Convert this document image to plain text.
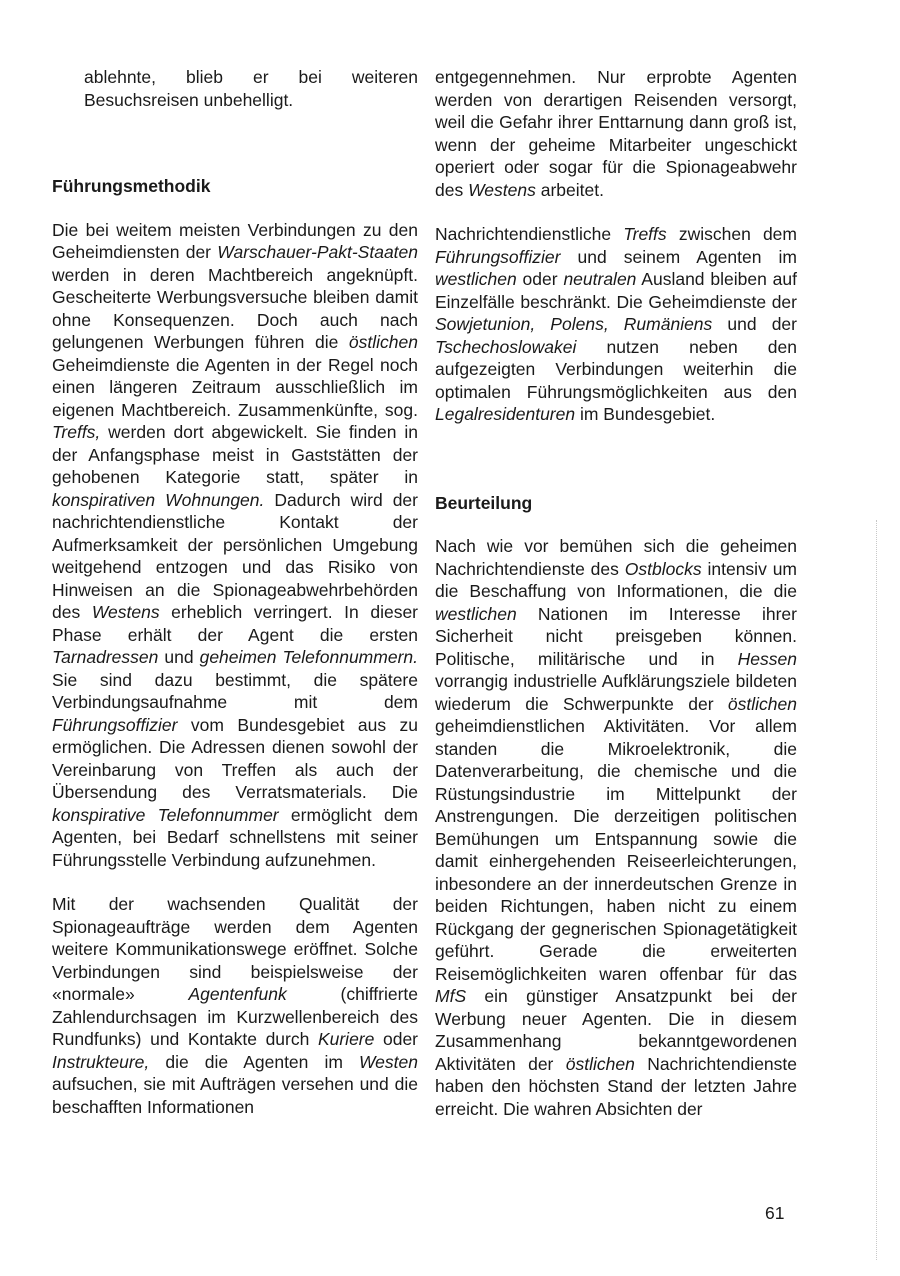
ablehnte, blieb er bei weiteren Besuchsreisen unbehelligt.

Führungsmethodik

Die bei weitem meisten Verbindungen zu den Geheimdiensten der Warschauer-Pakt-Staaten werden in deren Machtbereich angeknüpft. Gescheiterte Werbungsversuche bleiben damit ohne Konsequenzen. Doch auch nach gelungenen Werbungen führen die östlichen Geheimdienste die Agenten in der Regel noch einen längeren Zeitraum ausschließlich im eigenen Machtbereich. Zusammenkünfte, sog. Treffs, werden dort abgewickelt. Sie finden in der Anfangsphase meist in Gaststätten der gehobenen Kategorie statt, später in konspirativen Wohnungen. Dadurch wird der nachrichtendienstliche Kontakt der Aufmerksamkeit der persönlichen Umgebung weitgehend entzogen und das Risiko von Hinweisen an die Spionageabwehrbehörden des Westens erheblich verringert. In dieser Phase erhält der Agent die ersten Tarnadressen und geheimen Telefonnummern. Sie sind dazu bestimmt, die spätere Verbindungsaufnahme mit dem Führungsoffizier vom Bundesgebiet aus zu ermöglichen. Die Adressen dienen sowohl der Vereinbarung von Treffen als auch der Übersendung des Verratsmaterials. Die konspirative Telefonnummer ermöglicht dem Agenten, bei Bedarf schnellstens mit seiner Führungsstelle Verbindung aufzunehmen.

Mit der wachsenden Qualität der Spionageaufträge werden dem Agenten weitere Kommunikationswege eröffnet. Solche Verbindungen sind beispielsweise der «normale» Agentenfunk (chiffrierte Zahlendurchsagen im Kurzwellenbereich des Rundfunks) und Kontakte durch Kuriere oder Instrukteure, die die Agenten im Westen aufsuchen, sie mit Aufträgen versehen und die beschafften Informationen

entgegennehmen. Nur erprobte Agenten werden von derartigen Reisenden versorgt, weil die Gefahr ihrer Enttarnung dann groß ist, wenn der geheime Mitarbeiter ungeschickt operiert oder sogar für die Spionageabwehr des Westens arbeitet.

Nachrichtendienstliche Treffs zwischen dem Führungsoffizier und seinem Agenten im westlichen oder neutralen Ausland bleiben auf Einzelfälle beschränkt. Die Geheimdienste der Sowjetunion, Polens, Rumäniens und der Tschechoslowakei nutzen neben den aufgezeigten Verbindungen weiterhin die optimalen Führungsmöglichkeiten aus den Legalresidenturen im Bundesgebiet.

Beurteilung

Nach wie vor bemühen sich die geheimen Nachrichtendienste des Ostblocks intensiv um die Beschaffung von Informationen, die die westlichen Nationen im Interesse ihrer Sicherheit nicht preisgeben können. Politische, militärische und in Hessen vorrangig industrielle Aufklärungsziele bildeten wiederum die Schwerpunkte der östlichen geheimdienstlichen Aktivitäten. Vor allem standen die Mikroelektronik, die Datenverarbeitung, die chemische und die Rüstungsindustrie im Mittelpunkt der Anstrengungen. Die derzeitigen politischen Bemühungen um Entspannung sowie die damit einhergehenden Reiseerleichterungen, inbesondere an der innerdeutschen Grenze in beiden Richtungen, haben nicht zu einem Rückgang der gegnerischen Spionagetätigkeit geführt. Gerade die erweiterten Reisemöglichkeiten waren offenbar für das MfS ein günstiger Ansatzpunkt bei der Werbung neuer Agenten. Die in diesem Zusammenhang bekanntgewordenen Aktivitäten der östlichen Nachrichtendienste haben den höchsten Stand der letzten Jahre erreicht. Die wahren Absichten der

61
